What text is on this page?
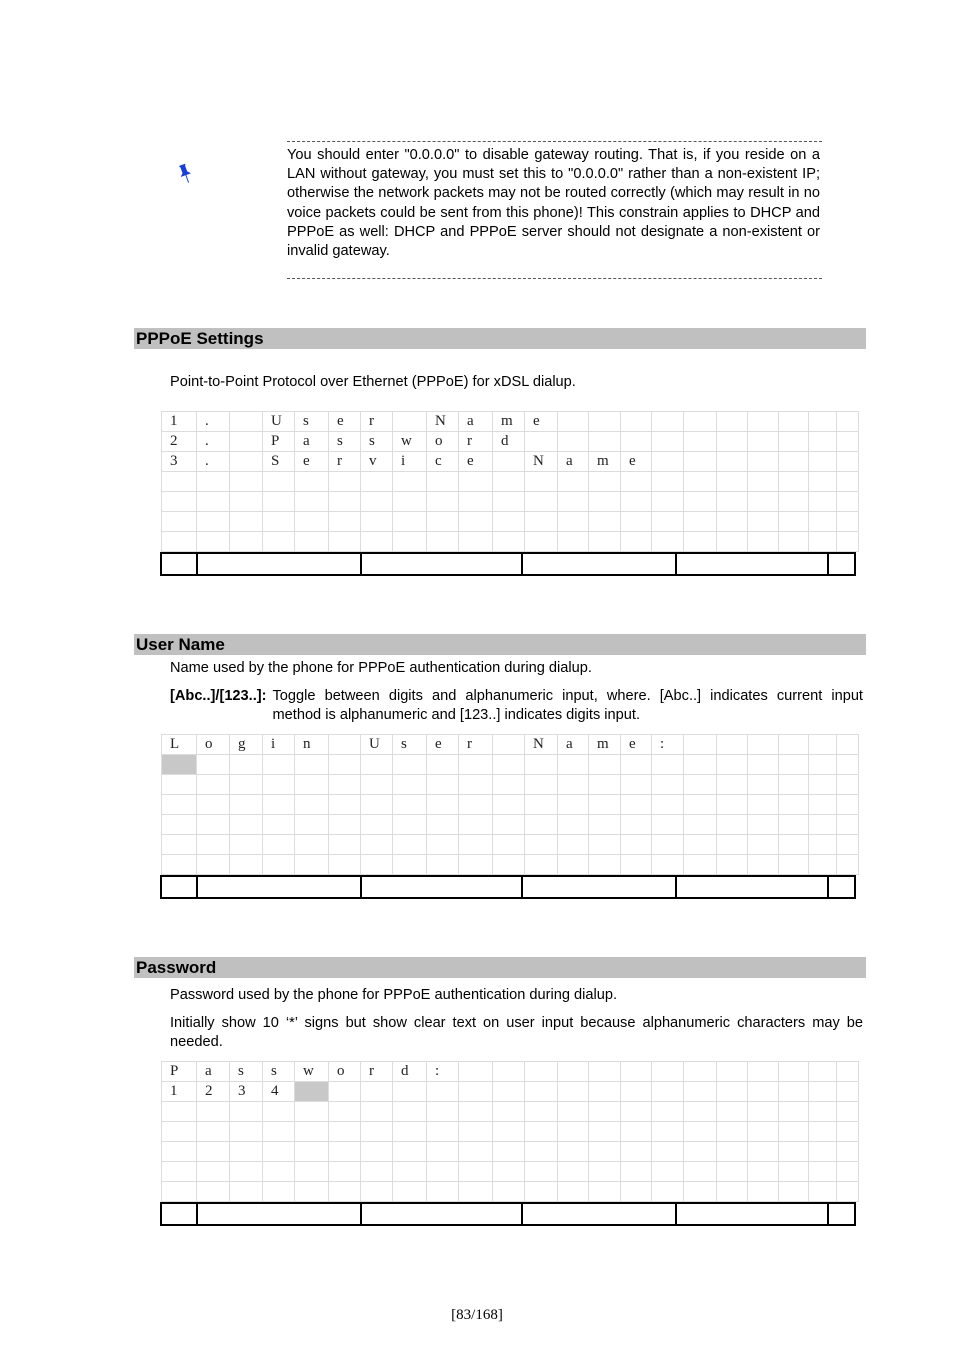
You should enter "0.0.0.0" to disable gateway routing. That is, if you reside on a LAN without gateway, you must set this to "0.0.0.0" rather than a non-existent IP; otherwise the network packets may not be routed correctly (which may result in no voice packets could be sent from this phone)! This constrain applies to DHCP and PPPoE as well: DHCP and PPPoE server should not designate a non-existent or invalid gateway.
PPPoE Settings
Point-to-Point Protocol over Ethernet (PPPoE) for xDSL dialup.
1	.		U	s	e	r		N	a	m	e										
2	.		P	a	s	s	w	o	r	d											
3	.		S	e	r	v	i	c	e		N	a	m	e							

User Name
Name used by the phone for PPPoE authentication during dialup.
[Abc..]/[123..]: Toggle between digits and alphanumeric input, where. [Abc..] indicates current input method is alphanumeric and [123..] indicates digits input.
L	o	g	i	n		U	s	e	r		N	a	m	e	:						

Password
Password used by the phone for PPPoE authentication during dialup.
Initially show 10 ‘*’ signs but show clear text on user input because alphanumeric characters may be needed.
P	a	s	s	w	o	r	d	:													
1	2	3	4																		

[83/168]
